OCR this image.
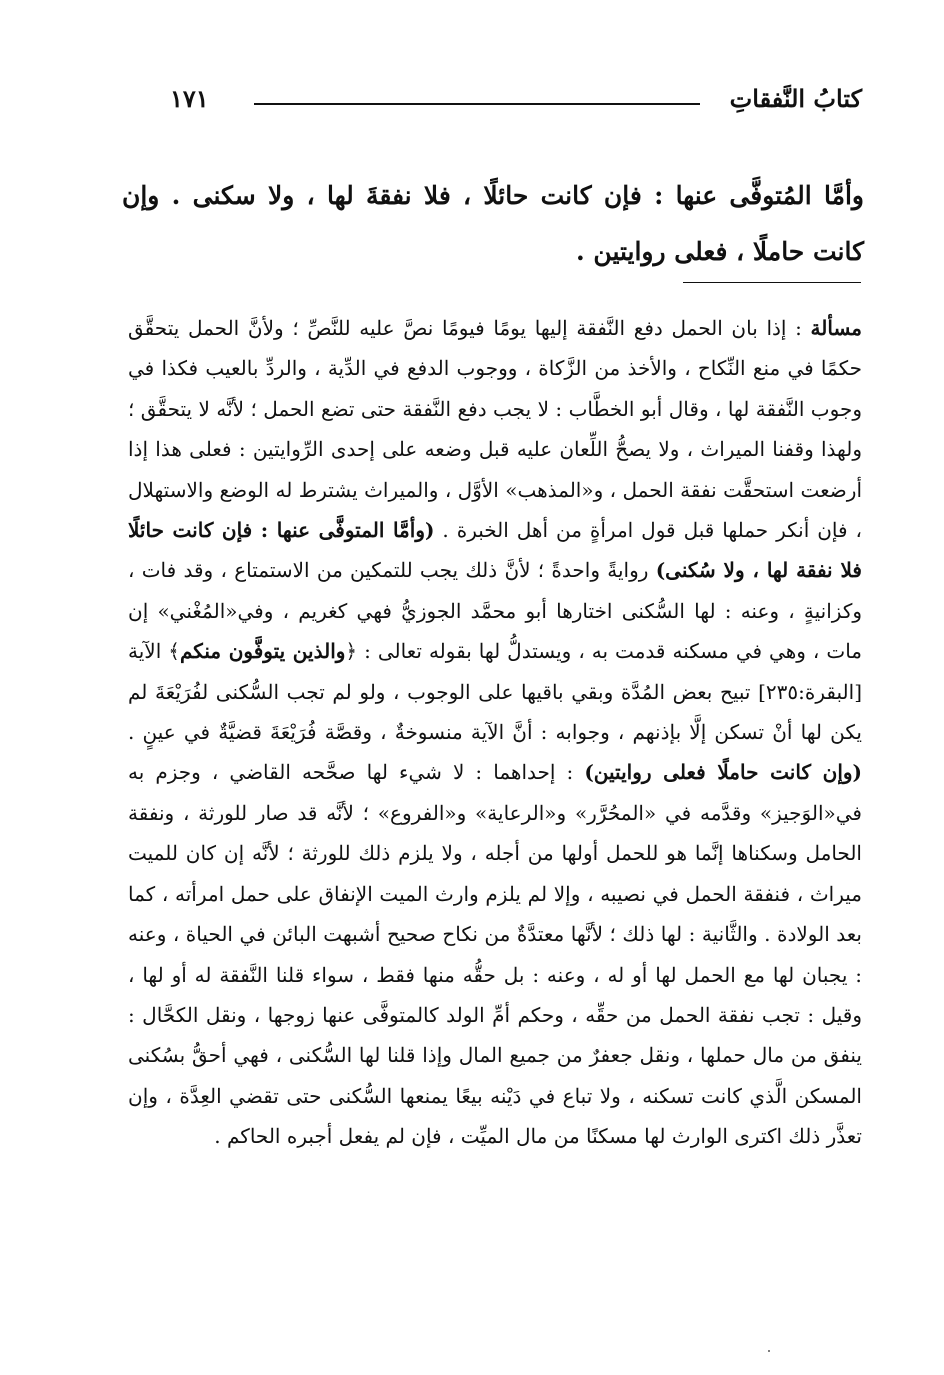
كتابُ النَّفقاتِ
١٧١
وأمَّا المُتوفَّى عنها : فإن كانت حائلًا ، فلا نفقةَ لها ، ولا سكنى . وإن كانت حاملًا ، فعلى روايتين .

مسألة : إذا بان الحمل دفع النَّفقة إليها يومًا فيومًا نصَّ عليه للنَّصِّ ؛ ولأنَّ الحمل يتحقَّق حكمًا في منع النِّكاح ، والأخذ من الزَّكاة ، ووجوب الدفع في الدِّية ، والردِّ بالعيب فكذا في وجوب النَّفقة لها ، وقال أبو الخطَّاب : لا يجب دفع النَّفقة حتى تضع الحمل ؛ لأنَّه لا يتحقَّق ؛ ولهذا وقفنا الميراث ، ولا يصحُّ اللِّعان عليه قبل وضعه على إحدى الرِّوايتين : فعلى هذا إذا أرضعت استحقَّت نفقة الحمل ، و«المذهب» الأوَّل ، والميراث يشترط له الوضع والاستهلال ، فإن أنكر حملها قبل قول امرأةٍ من أهل الخبرة . (وأمَّا المتوفَّى عنها : فإن كانت حائلًا فلا نفقة لها ، ولا سُكنى) روايةً واحدةً ؛ لأنَّ ذلك يجب للتمكين من الاستمتاع ، وقد فات ، وكزانيةٍ ، وعنه : لها السُّكنى اختارها أبو محمَّد الجوزيُّ فهي كغريم ، وفي«المُغْني» إن مات ، وهي في مسكنه قدمت به ، ويستدلُّ لها بقوله تعالى : ﴿والذين يتوفَّون منكم﴾ الآية [البقرة:٢٣٥] تبيح بعض المُدَّة وبقي باقيها على الوجوب ، ولو لم تجب السُّكنى لفُرَيْعَةَ لم يكن لها أنْ تسكن إلَّا بإذنهم ، وجوابه : أنَّ الآية منسوخةٌ ، وقصَّة فُرَيْعَةَ قضيَّةٌ في عينٍ . (وإن كانت حاملًا فعلى روايتين) : إحداهما : لا شيء لها صحَّحه القاضي ، وجزم به في«الوَجيز» وقدَّمه في «المحُرَّر» و«الرعاية» و«الفروع» ؛ لأنَّه قد صار للورثة ، ونفقة الحامل وسكناها إنَّما هو للحمل أولها من أجله ، ولا يلزم ذلك للورثة ؛ لأنَّه إن كان للميت ميراث ، فنفقة الحمل في نصيبه ، وإلا لم يلزم وارث الميت الإنفاق على حمل امرأته ، كما بعد الولادة . والثَّانية : لها ذلك ؛ لأنَّها معتدَّةٌ من نكاح صحيح أشبهت البائن في الحياة ، وعنه : يجبان لها مع الحمل لها أو له ، وعنه : بل حقُّه منها فقط ، سواء قلنا النَّفقة له أو لها ، وقيل : تجب نفقة الحمل من حقِّه ، وحكم أمِّ الولد كالمتوفَّى عنها زوجها ، ونقل الكحَّال : ينفق من مال حملها ، ونقل جعفرٌ من جميع المال وإذا قلنا لها السُّكنى ، فهي أحقُّ بسُكنى المسكن الَّذي كانت تسكنه ، ولا تباع في دَيْنه بيعًا يمنعها السُّكنى حتى تقضي العِدَّة ، وإن تعذَّر ذلك اكترى الوارث لها مسكنًا من مال الميِّت ، فإن لم يفعل أجبره الحاكم .
